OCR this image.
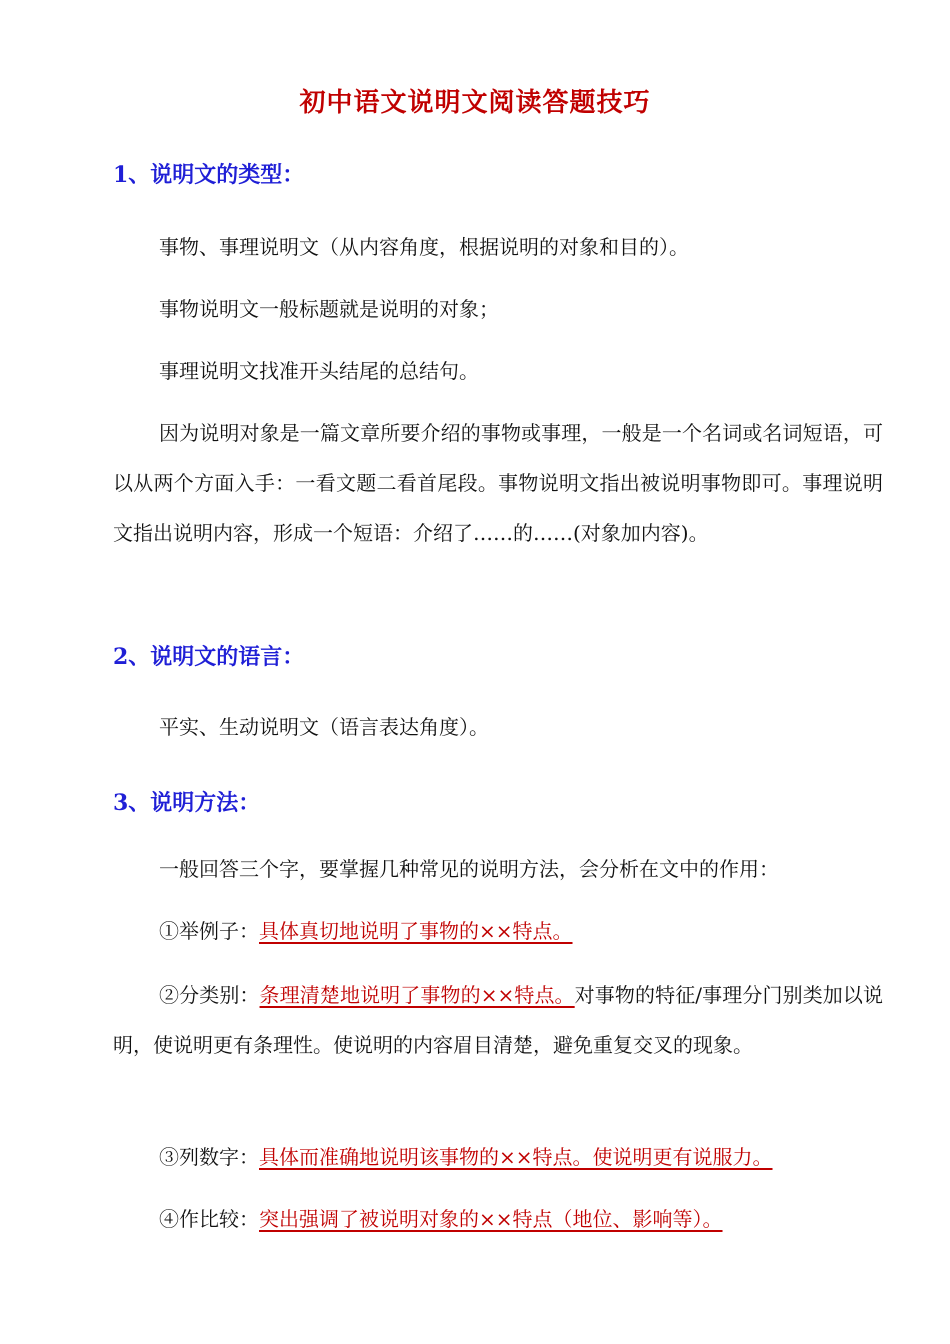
初中语文说明文阅读答题技巧
1、说明文的类型：
事物、事理说明文（从内容角度，根据说明的对象和目的）。
事物说明文一般标题就是说明的对象；
事理说明文找准开头结尾的总结句。
因为说明对象是一篇文章所要介绍的事物或事理，一般是一个名词或名词短语，可以从两个方面入手：一看文题二看首尾段。事物说明文指出被说明事物即可。事理说明文指出说明内容，形成一个短语：介绍了……的……(对象加内容)。
2、说明文的语言：
平实、生动说明文（语言表达角度）。
3、说明方法：
一般回答三个字，要掌握几种常见的说明方法，会分析在文中的作用：
①举例子：具体真切地说明了事物的××特点。
②分类别：条理清楚地说明了事物的××特点。对事物的特征/事理分门别类加以说明，使说明更有条理性。使说明的内容眉目清楚，避免重复交叉的现象。
③列数字：具体而准确地说明该事物的××特点。使说明更有说服力。
④作比较：突出强调了被说明对象的××特点（地位、影响等）。
